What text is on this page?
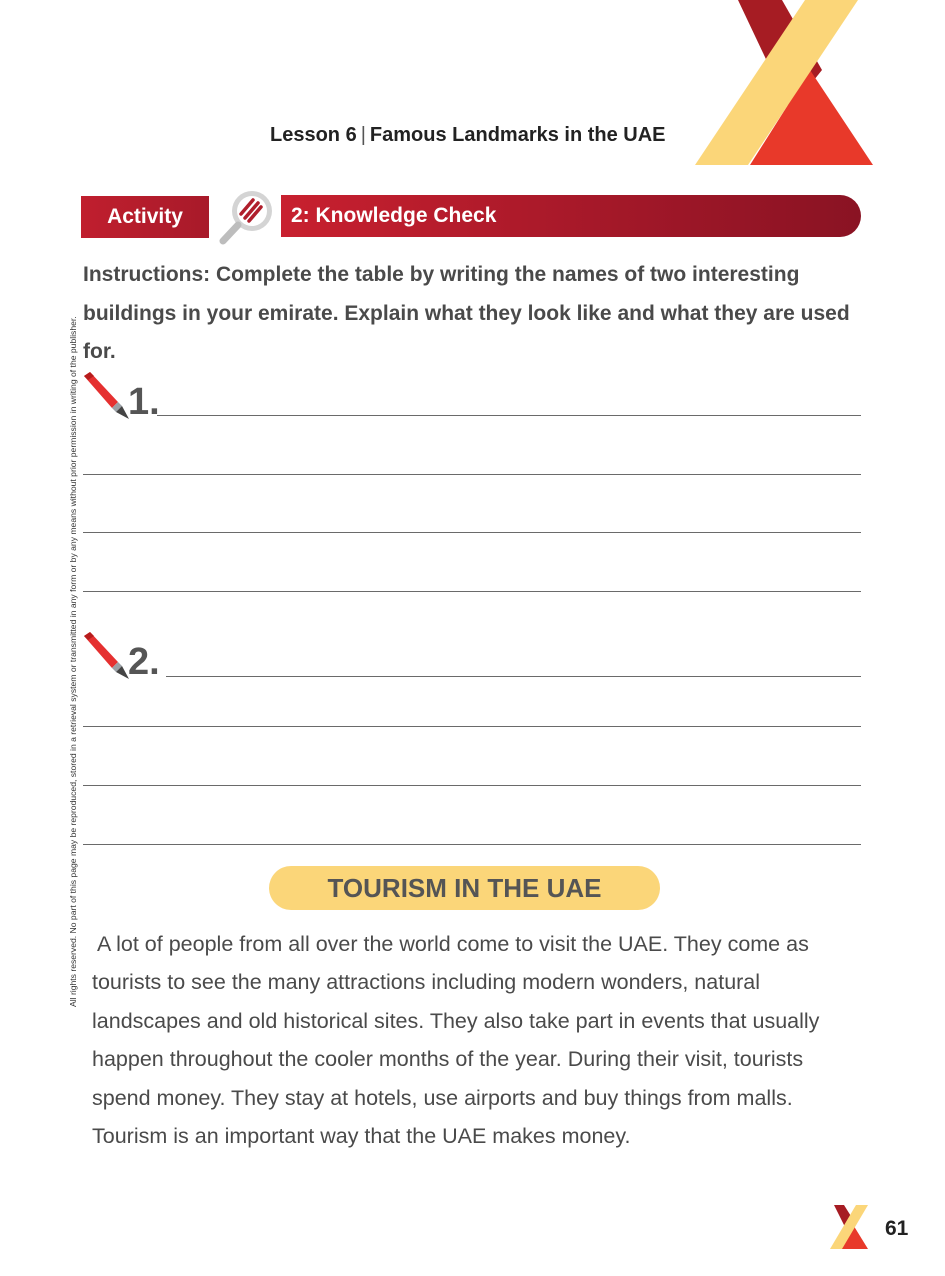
Lesson 6 | Famous Landmarks in the UAE
Activity	2: Knowledge Check
Instructions: Complete the table by writing the names of two interesting buildings in your emirate. Explain what they look like and what they are used for.
All rights reserved. No part of this page may be reproduced, stored in a retrieval system or transmitted in any form or by any means without prior permission in writing of the publisher. 1.
2.
TOURISM IN THE UAE
A lot of people from all over the world come to visit the UAE. They come as tourists to see the many attractions including modern wonders, natural landscapes and old historical sites. They also take part in events that usually happen throughout the cooler months of the year. During their visit, tourists spend money. They stay at hotels, use airports and buy things from malls. Tourism is an important way that the UAE makes money.
61
